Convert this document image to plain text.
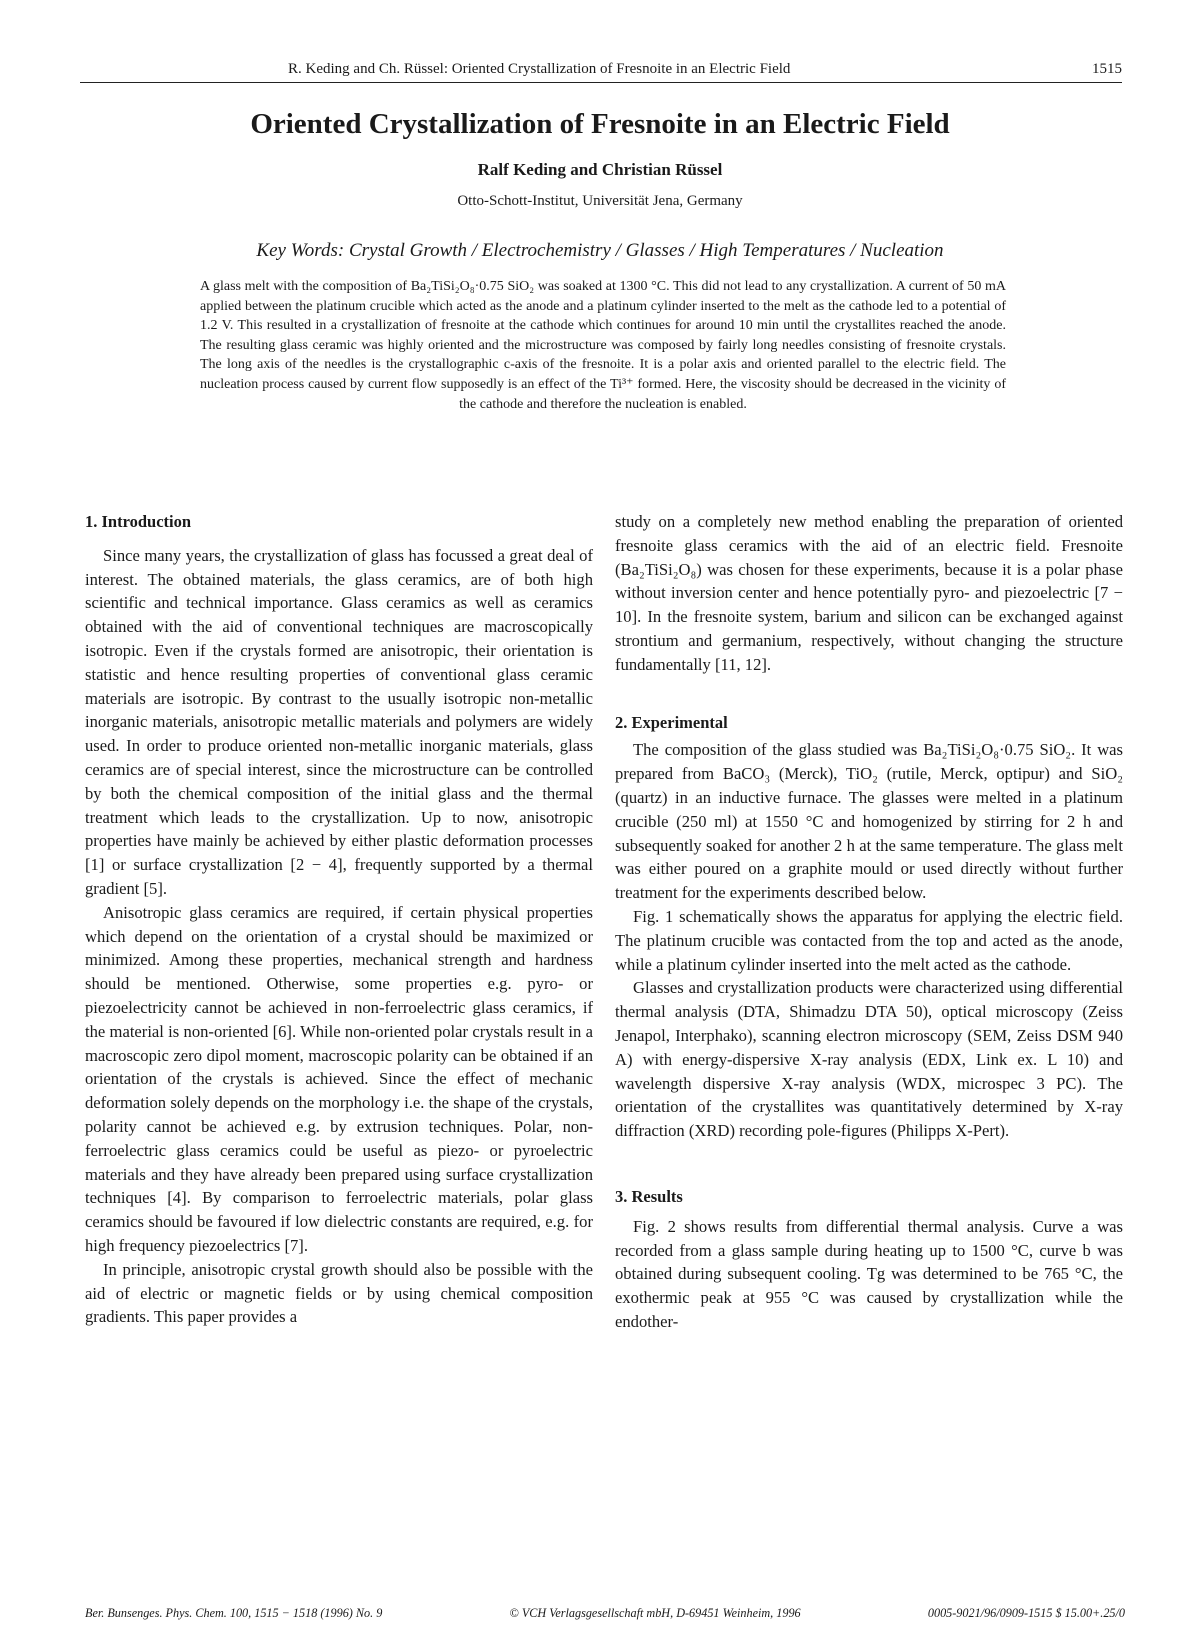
R. Keding and Ch. Rüssel: Oriented Crystallization of Fresnoite in an Electric Field	1515
Oriented Crystallization of Fresnoite in an Electric Field
Ralf Keding and Christian Rüssel
Otto-Schott-Institut, Universität Jena, Germany
Key Words: Crystal Growth / Electrochemistry / Glasses / High Temperatures / Nucleation

A glass melt with the composition of Ba₂TiSi₂O₈·0.75 SiO₂ was soaked at 1300 °C. This did not lead to any crystallization. A current of 50 mA applied between the platinum crucible which acted as the anode and a platinum cylinder inserted to the melt as the cathode led to a potential of 1.2 V. This resulted in a crystallization of fresnoite at the cathode which continues for around 10 min until the crystallites reached the anode. The resulting glass ceramic was highly oriented and the microstructure was composed by fairly long needles consisting of fresnoite crystals. The long axis of the needles is the crystallographic c-axis of the fresnoite. It is a polar axis and oriented parallel to the electric field. The nucleation process caused by current flow supposedly is an effect of the Ti³⁺ formed. Here, the viscosity should be decreased in the vicinity of the cathode and therefore the nucleation is enabled.

1. Introduction

Since many years, the crystallization of glass has focussed a great deal of interest. The obtained materials, the glass ceramics, are of both high scientific and technical importance. Glass ceramics as well as ceramics obtained with the aid of conventional techniques are macroscopically isotropic. Even if the crystals formed are anisotropic, their orientation is statistic and hence resulting properties of conventional glass ceramic materials are isotropic. By contrast to the usually isotropic non-metallic inorganic materials, anisotropic metallic materials and polymers are widely used. In order to produce oriented non-metallic inorganic materials, glass ceramics are of special interest, since the microstructure can be controlled by both the chemical composition of the initial glass and the thermal treatment which leads to the crystallization. Up to now, anisotropic properties have mainly be achieved by either plastic deformation processes [1] or surface crystallization [2 − 4], frequently supported by a thermal gradient [5].

Anisotropic glass ceramics are required, if certain physical properties which depend on the orientation of a crystal should be maximized or minimized. Among these properties, mechanical strength and hardness should be mentioned. Otherwise, some properties e.g. pyro- or piezoelectricity cannot be achieved in non-ferroelectric glass ceramics, if the material is non-oriented [6]. While non-oriented polar crystals result in a macroscopic zero dipol moment, macroscopic polarity can be obtained if an orientation of the crystals is achieved. Since the effect of mechanic deformation solely depends on the morphology i.e. the shape of the crystals, polarity cannot be achieved e.g. by extrusion techniques. Polar, non-ferroelectric glass ceramics could be useful as piezo- or pyroelectric materials and they have already been prepared using surface crystallization techniques [4]. By comparison to ferroelectric materials, polar glass ceramics should be favoured if low dielectric constants are required, e.g. for high frequency piezoelectrics [7].

In principle, anisotropic crystal growth should also be possible with the aid of electric or magnetic fields or by using chemical composition gradients. This paper provides a

study on a completely new method enabling the preparation of oriented fresnoite glass ceramics with the aid of an electric field. Fresnoite (Ba₂TiSi₂O₈) was chosen for these experiments, because it is a polar phase without inversion center and hence potentially pyro- and piezoelectric [7 − 10]. In the fresnoite system, barium and silicon can be exchanged against strontium and germanium, respectively, without changing the structure fundamentally [11, 12].

2. Experimental

The composition of the glass studied was Ba₂TiSi₂O₈·0.75 SiO₂. It was prepared from BaCO₃ (Merck), TiO₂ (rutile, Merck, optipur) and SiO₂ (quartz) in an inductive furnace. The glasses were melted in a platinum crucible (250 ml) at 1550 °C and homogenized by stirring for 2 h and subsequently soaked for another 2 h at the same temperature. The glass melt was either poured on a graphite mould or used directly without further treatment for the experiments described below.

Fig. 1 schematically shows the apparatus for applying the electric field. The platinum crucible was contacted from the top and acted as the anode, while a platinum cylinder inserted into the melt acted as the cathode.

Glasses and crystallization products were characterized using differential thermal analysis (DTA, Shimadzu DTA 50), optical microscopy (Zeiss Jenapol, Interphako), scanning electron microscopy (SEM, Zeiss DSM 940 A) with energy-dispersive X-ray analysis (EDX, Link ex. L 10) and wavelength dispersive X-ray analysis (WDX, microspec 3 PC). The orientation of the crystallites was quantitatively determined by X-ray diffraction (XRD) recording pole-figures (Philipps X-Pert).

3. Results

Fig. 2 shows results from differential thermal analysis. Curve a was recorded from a glass sample during heating up to 1500 °C, curve b was obtained during subsequent cooling. Tg was determined to be 765 °C, the exothermic peak at 955 °C was caused by crystallization while the endother-

Ber. Bunsenges. Phys. Chem. 100, 1515 − 1518 (1996) No. 9	© VCH Verlagsgesellschaft mbH, D-69451 Weinheim, 1996	0005-9021/96/0909-1515 $ 15.00+.25/0
